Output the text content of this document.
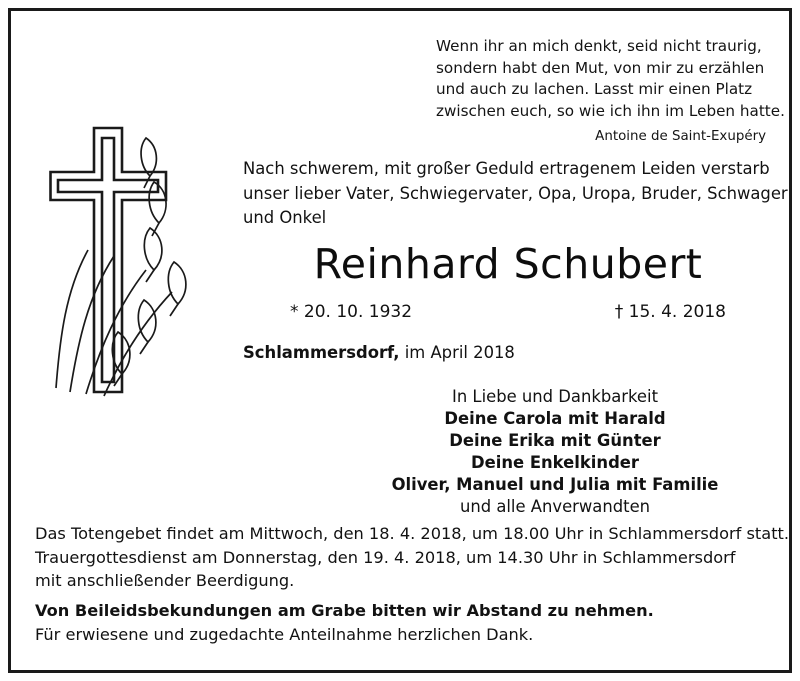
Wenn ihr an mich denkt, seid nicht traurig,
sondern habt den Mut, von mir zu erzählen
und auch zu lachen. Lasst mir einen Platz
zwischen euch, so wie ich ihn im Leben hatte.
Antoine de Saint-Exupéry
Nach schwerem, mit großer Geduld ertragenem Leiden verstarb
unser lieber Vater, Schwiegervater, Opa, Uropa, Bruder, Schwager
und Onkel
Reinhard Schubert
* 20. 10. 1932	† 15. 4. 2018
Schlammersdorf, im April 2018
In Liebe und Dankbarkeit
Deine Carola mit Harald
Deine Erika mit Günter
Deine Enkelkinder
Oliver, Manuel und Julia mit Familie
und alle Anverwandten
Das Totengebet findet am Mittwoch, den 18. 4. 2018, um 18.00 Uhr in Schlammersdorf statt.
Trauergottesdienst am Donnerstag, den 19. 4. 2018, um 14.30 Uhr in Schlammersdorf
mit anschließender Beerdigung.
Von Beileidsbekundungen am Grabe bitten wir Abstand zu nehmen.
Für erwiesene und zugedachte Anteilnahme herzlichen Dank.
